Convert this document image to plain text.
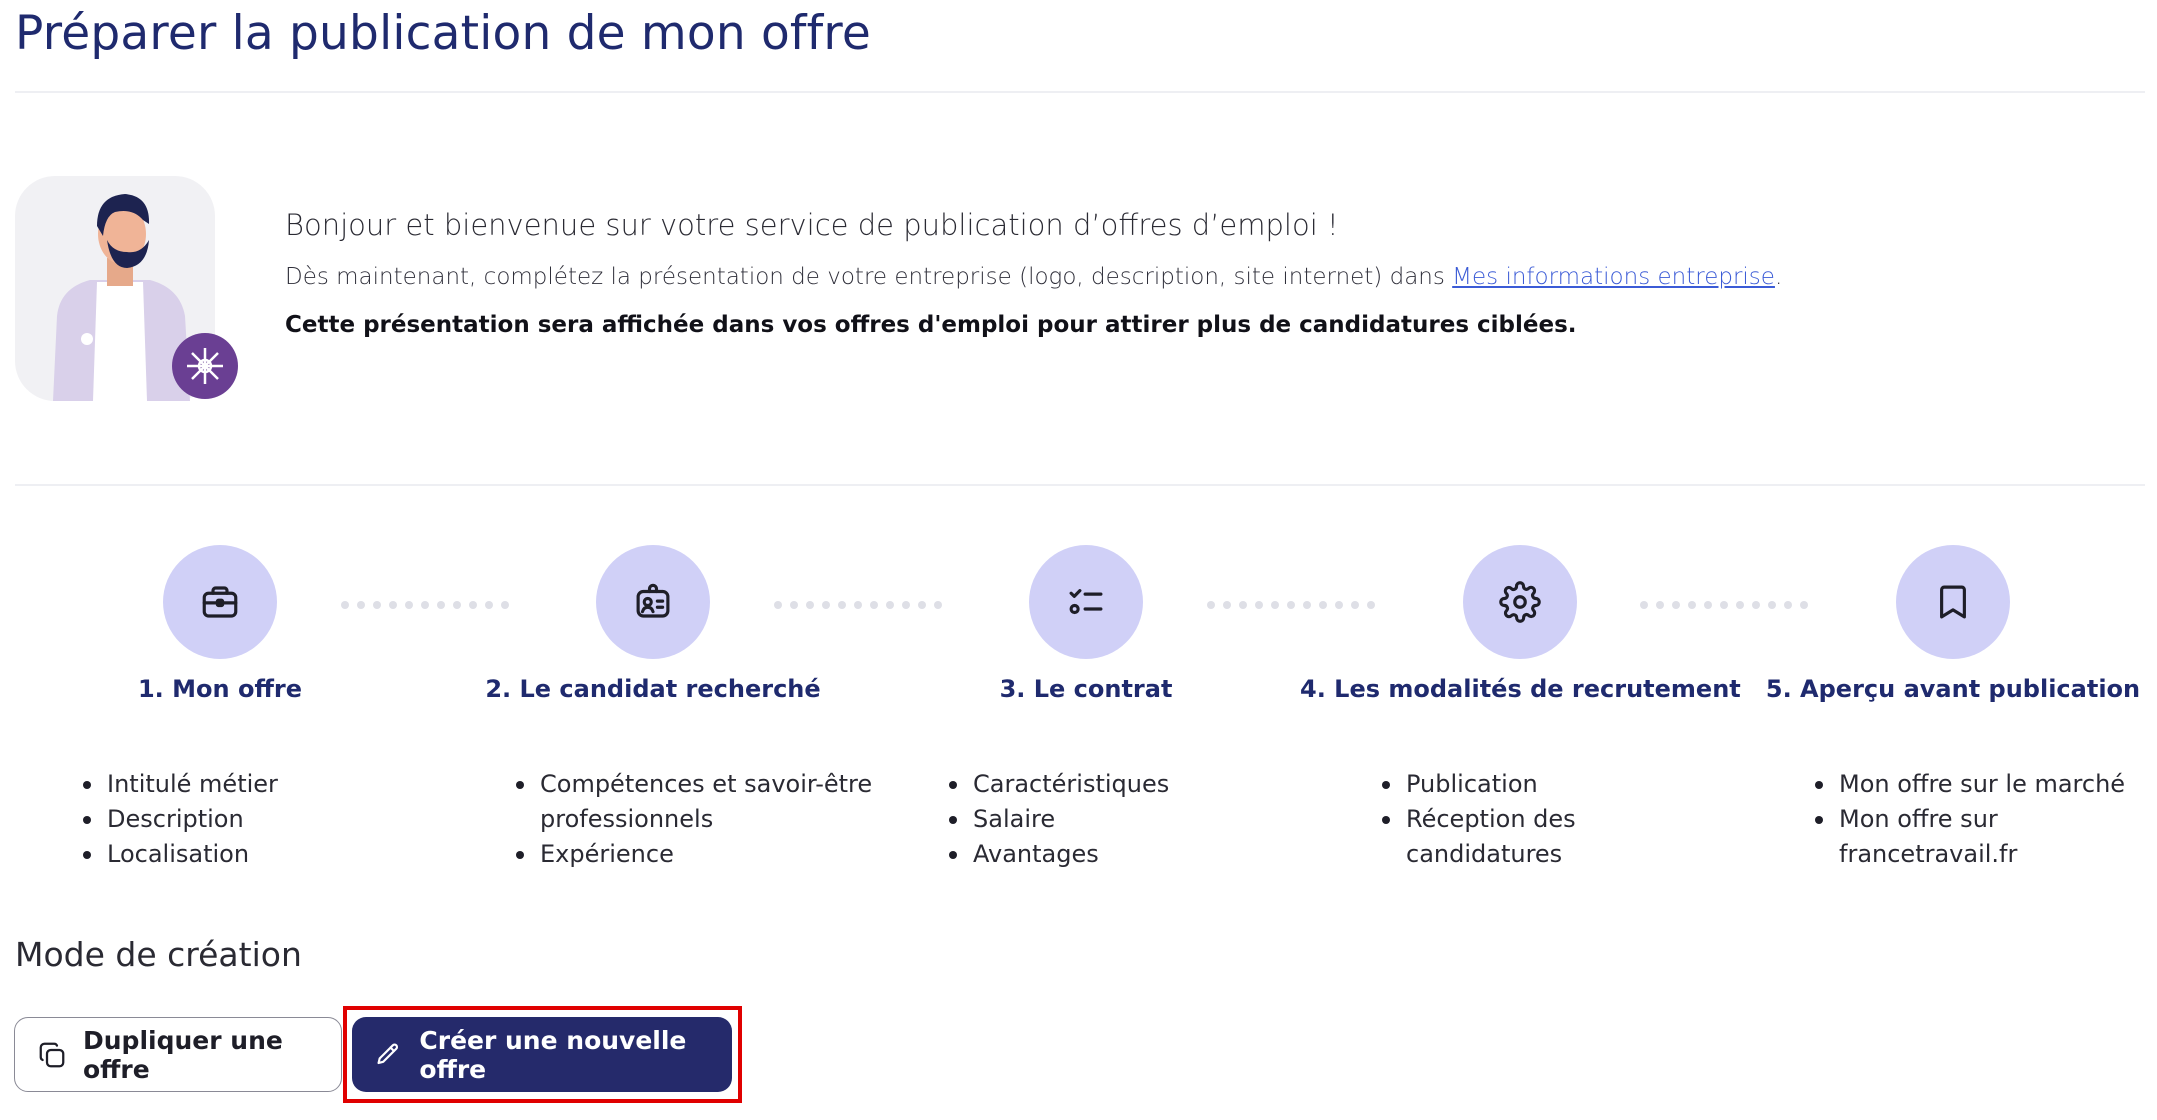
Préparer la publication de mon offre

Bonjour et bienvenue sur votre service de publication d’offres d’emploi !

Dès maintenant, complétez la présentation de votre entreprise (logo, description, site internet) dans Mes informations entreprise.

Cette présentation sera affichée dans vos offres d'emploi pour attirer plus de candidatures ciblées.

1. Mon offre
Intitulé métier
Description
Localisation
2. Le candidat recherché
Compétences et savoir-être professionnels
Expérience
3. Le contrat
Caractéristiques
Salaire
Avantages
4. Les modalités de recrutement
Publication
Réception des candidatures
5. Aperçu avant publication
Mon offre sur le marché
Mon offre sur francetravail.fr
Mode de création
Dupliquer une offre
Créer une nouvelle offre
